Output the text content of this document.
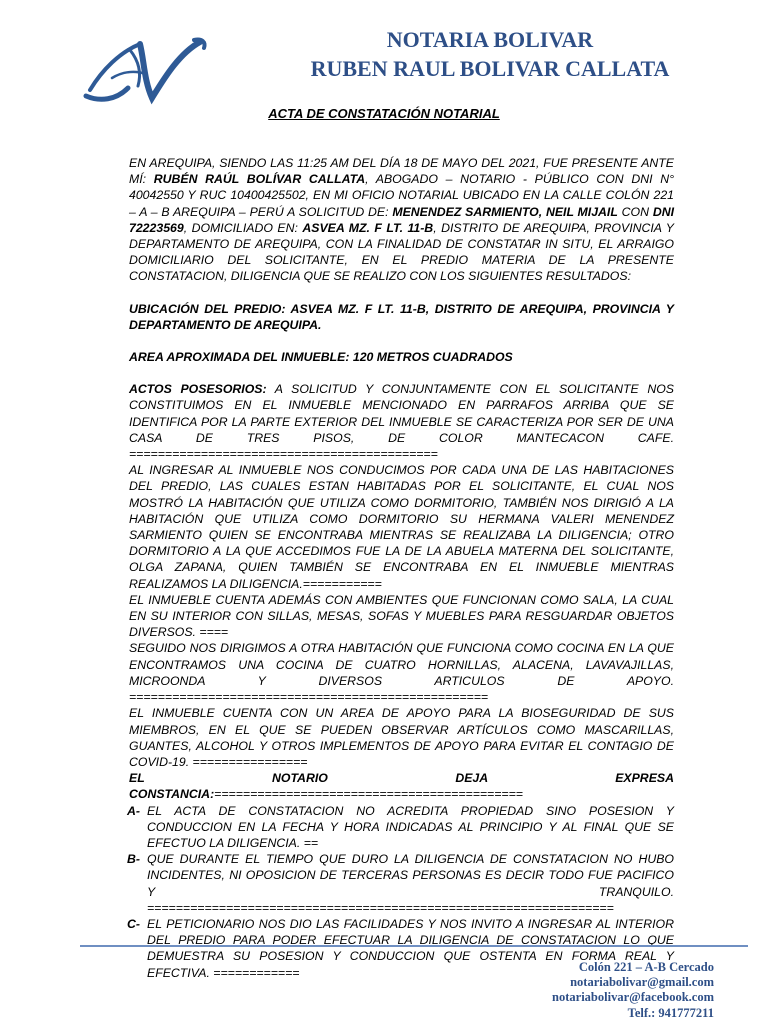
NOTARIA BOLIVAR
RUBEN RAUL BOLIVAR CALLATA
ACTA DE CONSTATACIÓN NOTARIAL

EN AREQUIPA, SIENDO LAS 11:25 AM DEL DÍA 18 DE MAYO DEL 2021, FUE PRESENTE ANTE MÍ: RUBÉN RAÚL BOLÍVAR CALLATA, ABOGADO – NOTARIO - PÚBLICO CON DNI N° 40042550 Y RUC 10400425502, EN MI OFICIO NOTARIAL UBICADO EN LA CALLE COLÓN 221 – A – B AREQUIPA – PERÚ A SOLICITUD DE: MENENDEZ SARMIENTO, NEIL MIJAIL CON DNI 72223569, DOMICILIADO EN: ASVEA MZ. F LT. 11-B, DISTRITO DE AREQUIPA, PROVINCIA Y DEPARTAMENTO DE AREQUIPA, CON LA FINALIDAD DE CONSTATAR IN SITU, EL ARRAIGO DOMICILIARIO DEL SOLICITANTE, EN EL PREDIO MATERIA DE LA PRESENTE CONSTATACION, DILIGENCIA QUE SE REALIZO CON LOS SIGUIENTES RESULTADOS:

UBICACIÓN DEL PREDIO: ASVEA MZ. F LT. 11-B, DISTRITO DE AREQUIPA, PROVINCIA Y DEPARTAMENTO DE AREQUIPA.

AREA APROXIMADA DEL INMUEBLE: 120 METROS CUADRADOS

ACTOS POSESORIOS: A SOLICITUD Y CONJUNTAMENTE CON EL SOLICITANTE NOS CONSTITUIMOS EN EL INMUEBLE MENCIONADO EN PARRAFOS ARRIBA QUE SE IDENTIFICA POR LA PARTE EXTERIOR DEL INMUEBLE SE CARACTERIZA POR SER DE UNA CASA DE TRES PISOS, DE COLOR MANTECACON CAFE. ===========================================

AL INGRESAR AL INMUEBLE NOS CONDUCIMOS POR CADA UNA DE LAS HABITACIONES DEL PREDIO, LAS CUALES ESTAN HABITADAS POR EL SOLICITANTE, EL CUAL NOS MOSTRÓ LA HABITACIÓN QUE UTILIZA COMO DORMITORIO, TAMBIÉN NOS DIRIGIÓ A LA HABITACIÓN QUE UTILIZA COMO DORMITORIO SU HERMANA VALERI MENENDEZ SARMIENTO QUIEN SE ENCONTRABA MIENTRAS SE REALIZABA LA DILIGENCIA; OTRO DORMITORIO A LA QUE ACCEDIMOS FUE LA DE LA ABUELA MATERNA DEL SOLICITANTE, OLGA ZAPANA, QUIEN TAMBIÉN SE ENCONTRABA EN EL INMUEBLE MIENTRAS REALIZAMOS LA DILIGENCIA.===========

EL INMUEBLE CUENTA ADEMÁS CON AMBIENTES QUE FUNCIONAN COMO SALA, LA CUAL EN SU INTERIOR CON SILLAS, MESAS, SOFAS Y MUEBLES PARA RESGUARDAR OBJETOS DIVERSOS. ====

SEGUIDO NOS DIRIGIMOS A OTRA HABITACIÓN QUE FUNCIONA COMO COCINA EN LA QUE ENCONTRAMOS UNA COCINA DE CUATRO HORNILLAS, ALACENA, LAVAVAJILLAS, MICROONDA Y DIVERSOS ARTICULOS DE APOYO. ==================================================

EL INMUEBLE CUENTA CON UN AREA DE APOYO PARA LA BIOSEGURIDAD DE SUS MIEMBROS, EN EL QUE SE PUEDEN OBSERVAR ARTÍCULOS COMO MASCARILLAS, GUANTES, ALCOHOL Y OTROS IMPLEMENTOS DE APOYO PARA EVITAR EL CONTAGIO DE COVID-19. ================

EL	NOTARIO	DEJA	EXPRESA

CONSTANCIA:===========================================

A- EL ACTA DE CONSTATACION NO ACREDITA PROPIEDAD SINO POSESION Y CONDUCCION EN LA FECHA Y HORA INDICADAS AL PRINCIPIO Y AL FINAL QUE SE EFECTUO LA DILIGENCIA. ==
B- QUE DURANTE EL TIEMPO QUE DURO LA DILIGENCIA DE CONSTATACION NO HUBO INCIDENTES, NI OPOSICION DE TERCERAS PERSONAS ES DECIR TODO FUE PACIFICO Y TRANQUILO. =================================================================
C- EL PETICIONARIO NOS DIO LAS FACILIDADES Y NOS INVITO A INGRESAR AL INTERIOR DEL PREDIO PARA PODER EFECTUAR LA DILIGENCIA DE CONSTATACION LO QUE DEMUESTRA SU POSESION Y CONDUCCION QUE OSTENTA EN FORMA REAL Y EFECTIVA. ============	Colón 221 – A-B Cercado
notariabolivar@gmail.com
notariabolivar@facebook.com
Telf.: 941777211
